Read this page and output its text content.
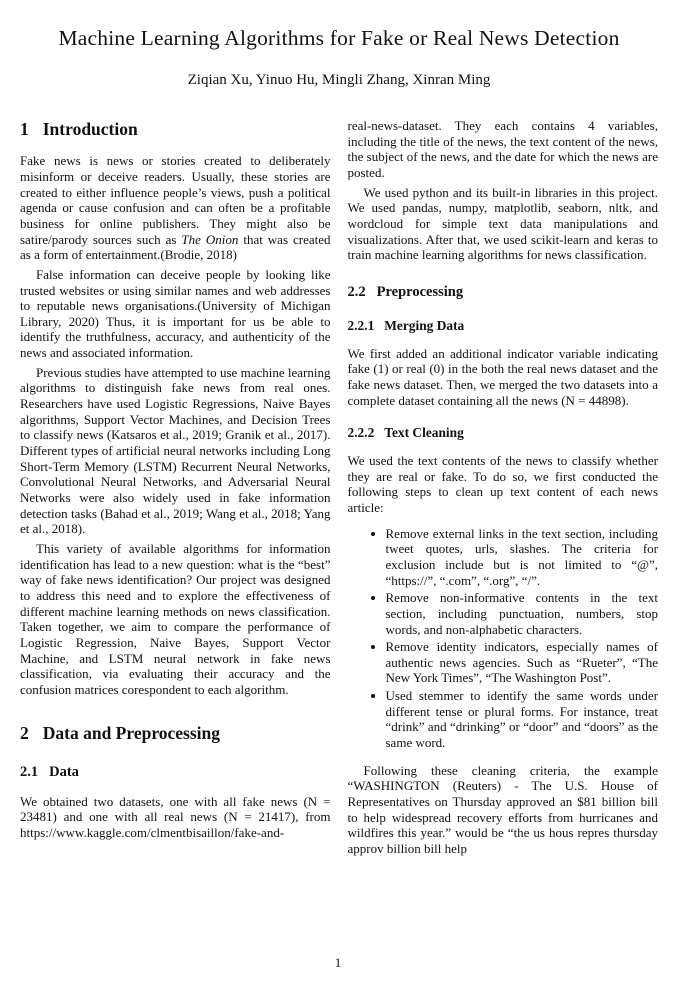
Machine Learning Algorithms for Fake or Real News Detection
Ziqian Xu, Yinuo Hu, Mingli Zhang, Xinran Ming
1 Introduction

Fake news is news or stories created to deliberately misinform or deceive readers. Usually, these stories are created to either influence people’s views, push a political agenda or cause confusion and can often be a profitable business for online publishers. They might also be satire/parody sources such as The Onion that was created as a form of entertainment.(Brodie, 2018)

False information can deceive people by looking like trusted websites or using similar names and web addresses to reputable news organisations.(University of Michigan Library, 2020) Thus, it is important for us be able to identify the truthfulness, accuracy, and authenticity of the news and associated information.

Previous studies have attempted to use machine learning algorithms to distinguish fake news from real ones. Researchers have used Logistic Regressions, Naive Bayes algorithms, Support Vector Machines, and Decision Trees to classify news (Katsaros et al., 2019; Granik et al., 2017). Different types of artificial neural networks including Long Short-Term Memory (LSTM) Recurrent Neural Networks, Convolutional Neural Networks, and Adversarial Neural Networks were also widely used in fake information detection tasks (Bahad et al., 2019; Wang et al., 2018; Yang et al., 2018).

This variety of available algorithms for information identification has lead to a new question: what is the “best” way of fake news identification? Our project was designed to address this need and to explore the effectiveness of different machine learning methods on news classification. Taken together, we aim to compare the performance of Logistic Regression, Naive Bayes, Support Vector Machine, and LSTM neural network in fake news classification, via evaluating their accuracy and the confusion matrices corespondent to each algorithm.

2 Data and Preprocessing
2.1 Data

We obtained two datasets, one with all fake news (N = 23481) and one with all real news (N = 21417), from https://www.kaggle.com/clmentbisaillon/fake-and-

real-news-dataset. They each contains 4 variables, including the title of the news, the text content of the news, the subject of the news, and the date for which the news are posted.

We used python and its built-in libraries in this project. We used pandas, numpy, matplotlib, seaborn, nltk, and wordcloud for simple text data manipulations and visualizations. After that, we used scikit-learn and keras to train machine learning algorithms for news classification.

2.2 Preprocessing
2.2.1 Merging Data

We first added an additional indicator variable indicating fake (1) or real (0) in the both the real news dataset and the fake news dataset. Then, we merged the two datasets into a complete dataset containing all the news (N = 44898).

2.2.2 Text Cleaning

We used the text contents of the news to classify whether they are real or fake. To do so, we first conducted the following steps to clean up text content of each news article:

• Remove external links in the text section, including tweet quotes, urls, slashes. The criteria for exclusion include but is not limited to “@”, “https://”, “.com”, “.org”, “/”.
• Remove non-informative contents in the text section, including punctuation, numbers, stop words, and non-alphabetic characters.
• Remove identity indicators, especially names of authentic news agencies. Such as “Rueter”, “The New York Times”, “The Washington Post”.
• Used stemmer to identify the same words under different tense or plural forms. For instance, treat “drink” and “drinking” or “door” and “doors” as the same word.

Following these cleaning criteria, the example “WASHINGTON (Reuters) - The U.S. House of Representatives on Thursday approved an $81 billion bill to help widespread recovery efforts from hurricanes and wildfires this year.” would be “the us hous repres thursday approv billion bill help

1
